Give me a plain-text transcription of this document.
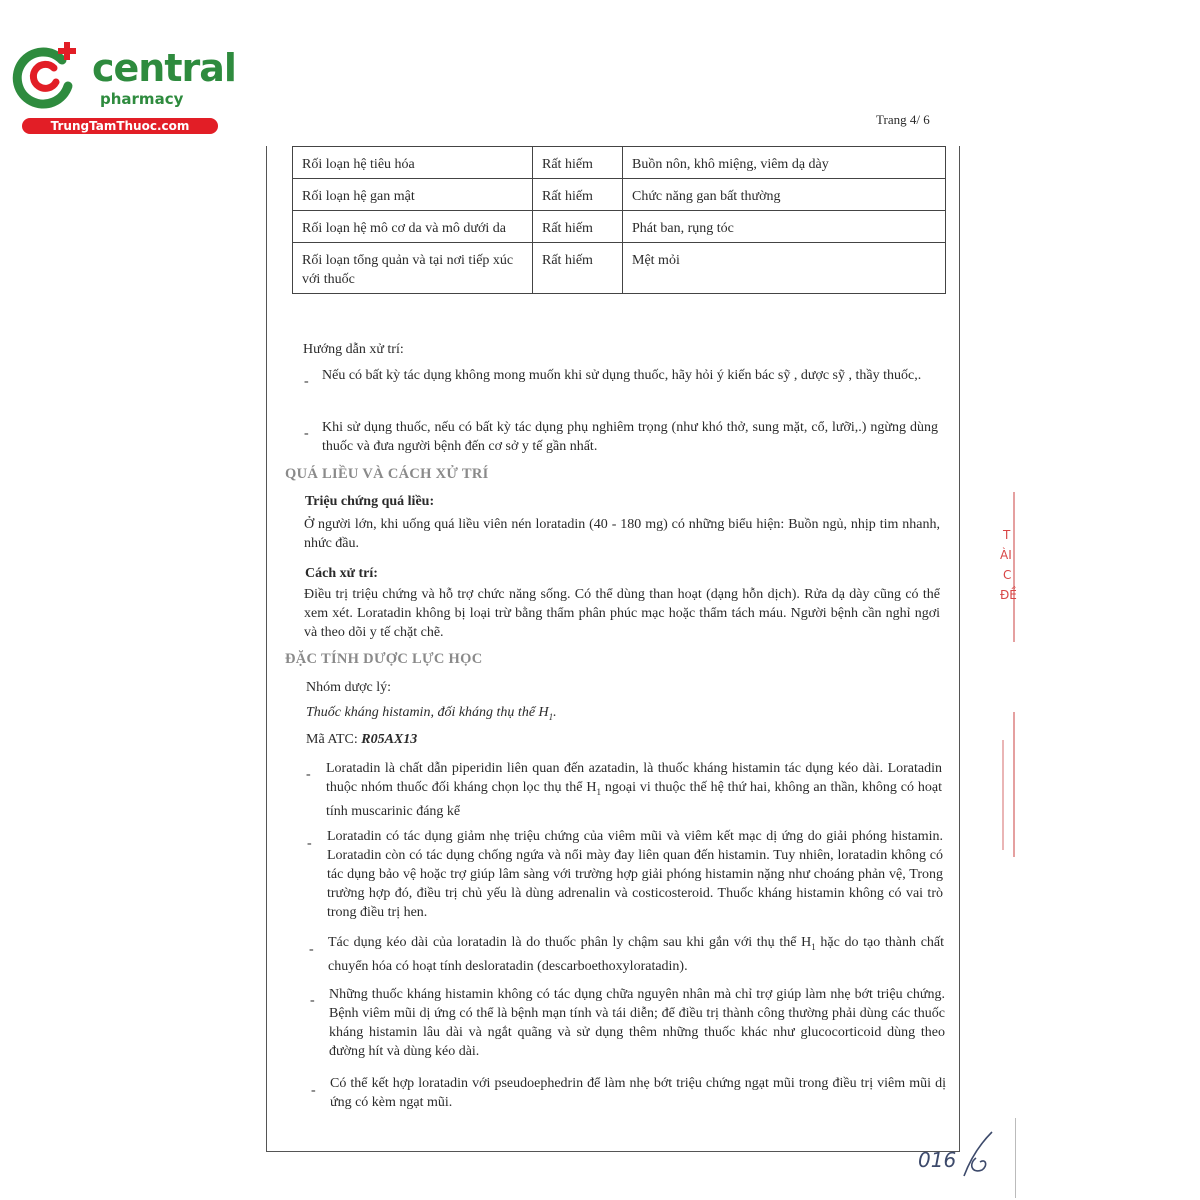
central
pharmacy
TrungTamThuoc.com	Trang 4/ 6
Rối loạn hệ tiêu hóa	Rất hiếm	Buồn nôn, khô miệng, viêm dạ dày
Rối loạn hệ gan mật	Rất hiếm	Chức năng gan bất thường
Rối loạn hệ mô cơ da và mô dưới da	Rất hiếm	Phát ban, rụng tóc
Rối loạn tổng quản và tại nơi tiếp xúc với thuốc	Rất hiếm	Mệt mỏi
Hướng dẫn xử trí:
- Nếu có bất kỳ tác dụng không mong muốn khi sử dụng thuốc, hãy hỏi ý kiến bác sỹ , dược sỹ , thầy thuốc,.
- Khi sử dụng thuốc, nếu có bất kỳ tác dụng phụ nghiêm trọng (như khó thở, sung mặt, cổ, lưỡi,.) ngừng dùng thuốc và đưa người bệnh đến cơ sở y tế gần nhất.
QUÁ LIỀU VÀ CÁCH XỬ TRÍ
Triệu chứng quá liều:
Ở người lớn, khi uống quá liều viên nén loratadin (40 - 180 mg) có những biểu hiện: Buồn ngủ, nhịp tim nhanh, nhức đầu.
Cách xử trí:
Điều trị triệu chứng và hỗ trợ chức năng sống. Có thể dùng than hoạt (dạng hỗn dịch). Rửa dạ dày cũng có thể xem xét. Loratadin không bị loại trừ bằng thẩm phân phúc mạc hoặc thẩm tách máu. Người bệnh cần nghỉ ngơi và theo dõi y tế chặt chẽ.
ĐẶC TÍNH DƯỢC LỰC HỌC
Nhóm dược lý:
Thuốc kháng histamin, đối kháng thụ thể $H_1$.
Mã ATC: R05AX13
- Loratadin là chất dẫn piperidin liên quan đến azatadin, là thuốc kháng histamin tác dụng kéo dài. Loratadin thuộc nhóm thuốc đối kháng chọn lọc thụ thể $H_1$ ngoại vi thuộc thế hệ thứ hai, không an thần, không có hoạt tính muscarinic đáng kể
- Loratadin có tác dụng giảm nhẹ triệu chứng của viêm mũi và viêm kết mạc dị ứng do giải phóng histamin. Loratadin còn có tác dụng chống ngứa và nổi mày đay liên quan đến histamin. Tuy nhiên, loratadin không có tác dụng bảo vệ hoặc trợ giúp lâm sàng với trường hợp giải phóng histamin nặng như choáng phản vệ, Trong trường hợp đó, điều trị chủ yếu là dùng adrenalin và costicosteroid. Thuốc kháng histamin không có vai trò trong điều trị hen.
- Tác dụng kéo dài của loratadin là do thuốc phân ly chậm sau khi gắn với thụ thể $H_1$ hặc do tạo thành chất chuyển hóa có hoạt tính desloratadin (descarboethoxyloratadin).
- Những thuốc kháng histamin không có tác dụng chữa nguyên nhân mà chỉ trợ giúp làm nhẹ bớt triệu chứng. Bệnh viêm mũi dị ứng có thể là bệnh mạn tính và tái diễn; để điều trị thành công thường phải dùng các thuốc kháng histamin lâu dài và ngắt quãng và sử dụng thêm những thuốc khác như glucocorticoid dùng theo đường hít và dùng kéo dài.
- Có thể kết hợp loratadin với pseudoephedrin để làm nhẹ bớt triệu chứng ngạt mũi trong điều trị viêm mũi dị ứng có kèm ngạt mũi.
T
ÀI
C
ĐỀ
016
